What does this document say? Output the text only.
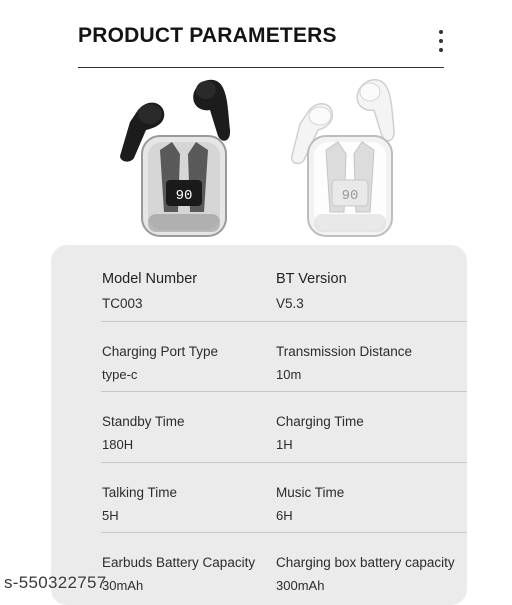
PRODUCT PARAMETERS
90	90
Model Number
TC003
BT Version
V5.3
Charging Port Type
type-c
Transmission Distance
10m
Standby Time
180H
Charging Time
1H
Talking Time
5H
Music Time
6H
Earbuds Battery Capacity
30mAh
Charging box battery capacity
300mAh
s-550322757
